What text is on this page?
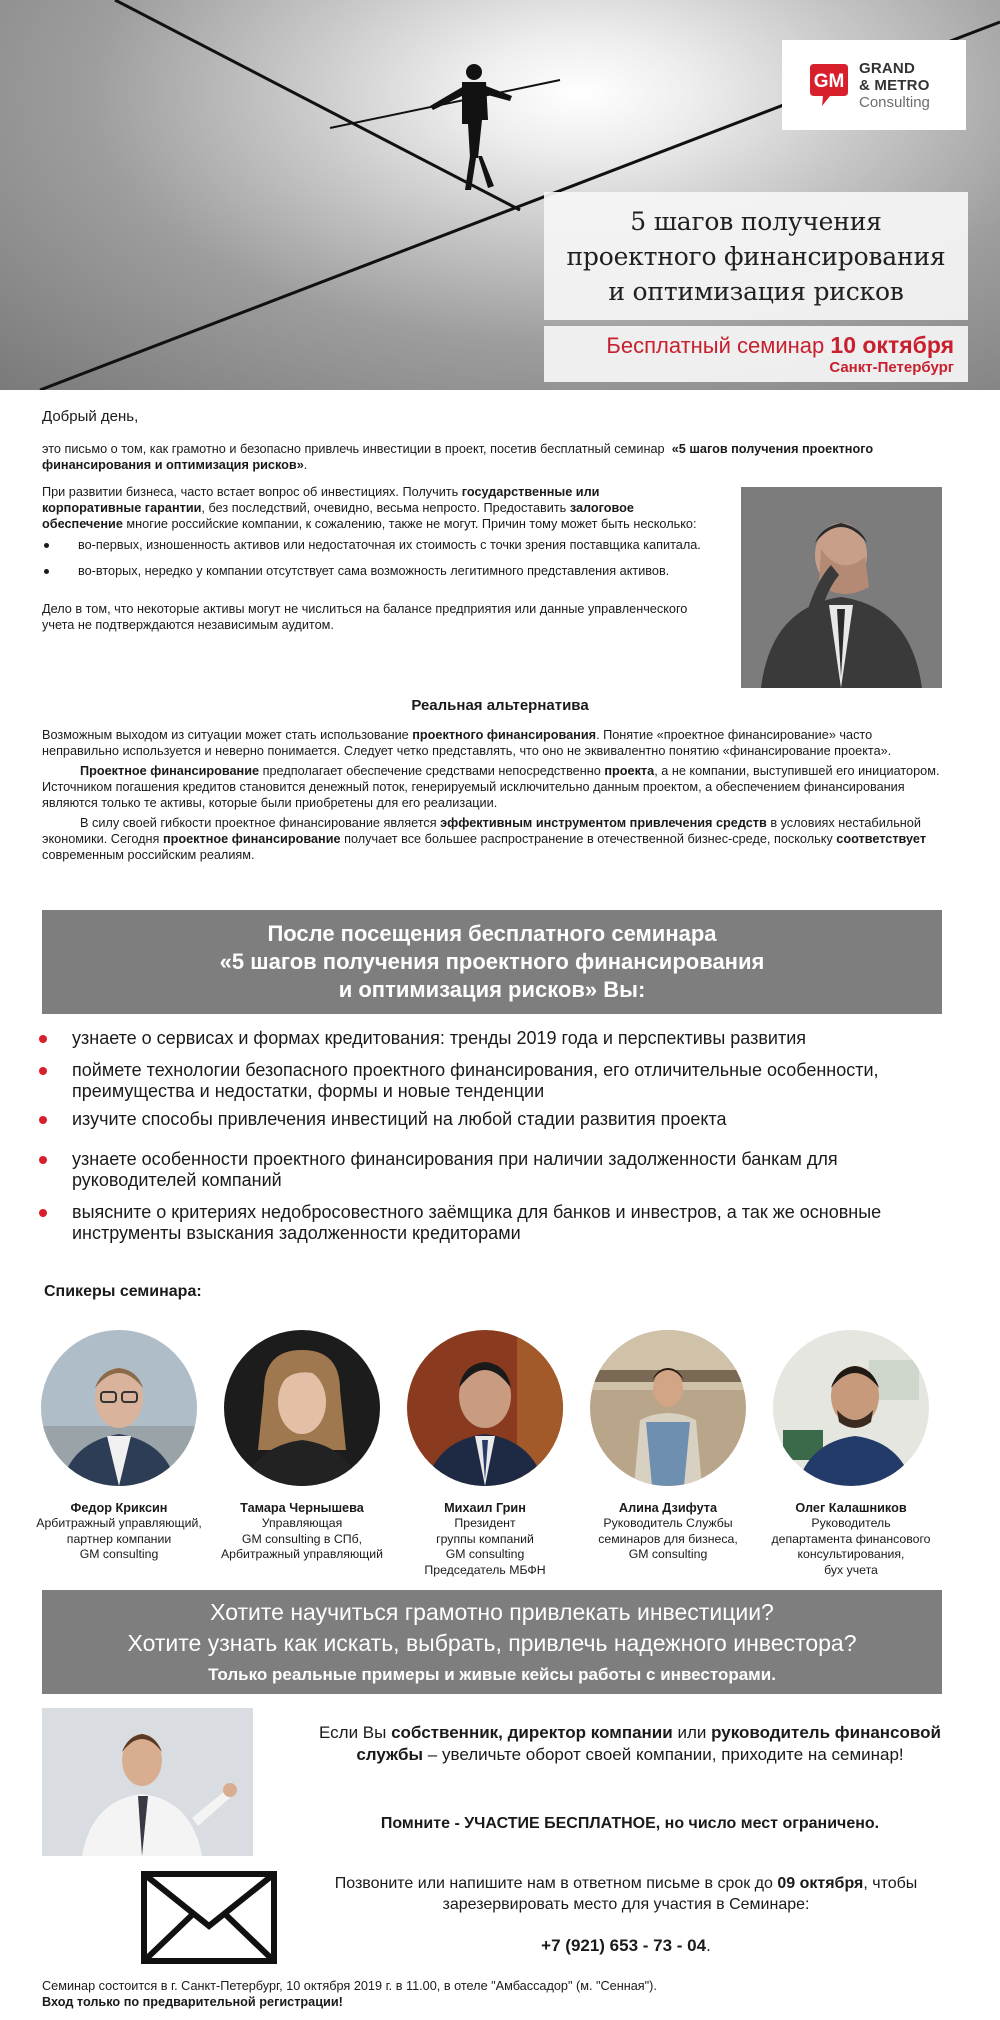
GM
GRAND
& METRO
Consulting
5 шагов получения
проектного финансирования
и оптимизация рисков
Бесплатный семинар 10 октября
Санкт-Петербург
Добрый день,
это письмо о том, как грамотно и безопасно привлечь инвестиции в проект, посетив бесплатный семинар «5 шагов получения проектного финансирования и оптимизация рисков».
При развитии бизнеса, часто встает вопрос об инвестициях. Получить государственные или корпоративные гарантии, без последствий, очевидно, весьма непросто. Предоставить залоговое обеспечение многие российские компании, к сожалению, также не могут. Причин тому может быть несколько:
во-первых, изношенность активов или недостаточная их стоимость с точки зрения поставщика капитала.
во-вторых, нередко у компании отсутствует сама возможность легитимного представления активов.
Дело в том, что некоторые активы могут не числиться на балансе предприятия или данные управленческого учета не подтверждаются независимым аудитом.
Реальная альтернатива

Возможным выходом из ситуации может стать использование проектного финансирования. Понятие «проектное финансирование» часто неправильно используется и неверно понимается. Следует четко представлять, что оно не эквивалентно понятию «финансирование проекта».

Проектное финансирование предполагает обеспечение средствами непосредственно проекта, а не компании, выступившей его инициатором. Источником погашения кредитов становится денежный поток, генерируемый исключительно данным проектом, а обеспечением финансирования являются только те активы, которые были приобретены для его реализации.

В силу своей гибкости проектное финансирование является эффективным инструментом привлечения средств в условиях нестабильной экономики. Сегодня проектное финансирование получает все большее распространение в отечественной бизнес-среде, поскольку соответствует современным российским реалиям.

После посещения бесплатного семинара
«5 шагов получения проектного финансирования
и оптимизация рисков» Вы:
узнаете о сервисах и формах кредитования: тренды 2019 года и перспективы развития
поймете технологии безопасного проектного финансирования, его отличительные особенности, преимущества и недостатки, формы и новые тенденции
изучите способы привлечения инвестиций на любой стадии развития проекта
узнаете особенности проектного финансирования при наличии задолженности банкам для руководителей компаний
выясните о критериях недобросовестного заёмщика для банков и инвестров, а так же основные инструменты взыскания задолженности кредиторами
Спикеры семинара:
Федор Криксин
Арбитражный управляющий,
партнер компании
GM consulting
Тамара Чернышева
Управляющая
GM consulting в СПб,
Арбитражный управляющий
Михаил Грин
Президент
группы компаний
GM consulting
Председатель МБФН
Алина Дзифута
Руководитель Службы
семинаров для бизнеса,
GM consulting
Олег Калашников
Руководитель
департамента финансового
консультирования,
бух учета
Хотите научиться грамотно привлекать инвестиции?
Хотите узнать как искать, выбрать, привлечь надежного инвестора?
Только реальные примеры и живые кейсы работы с инвесторами.
Если Вы собственник, директор компании или руководитель финансовой службы – увеличьте оборот своей компании, приходите на семинар!
Помните - УЧАСТИЕ БЕСПЛАТНОЕ, но число мест ограничено.
Позвоните или напишите нам в ответном письме в срок до 09 октября, чтобы зарезервировать место для участия в Семинаре:
+7 (921) 653 - 73 - 04.
Семинар состоится в г. Санкт-Петербург, 10 октября 2019 г. в 11.00, в отеле "Амбассадор" (м. "Сенная").
Вход только по предварительной регистрации!
